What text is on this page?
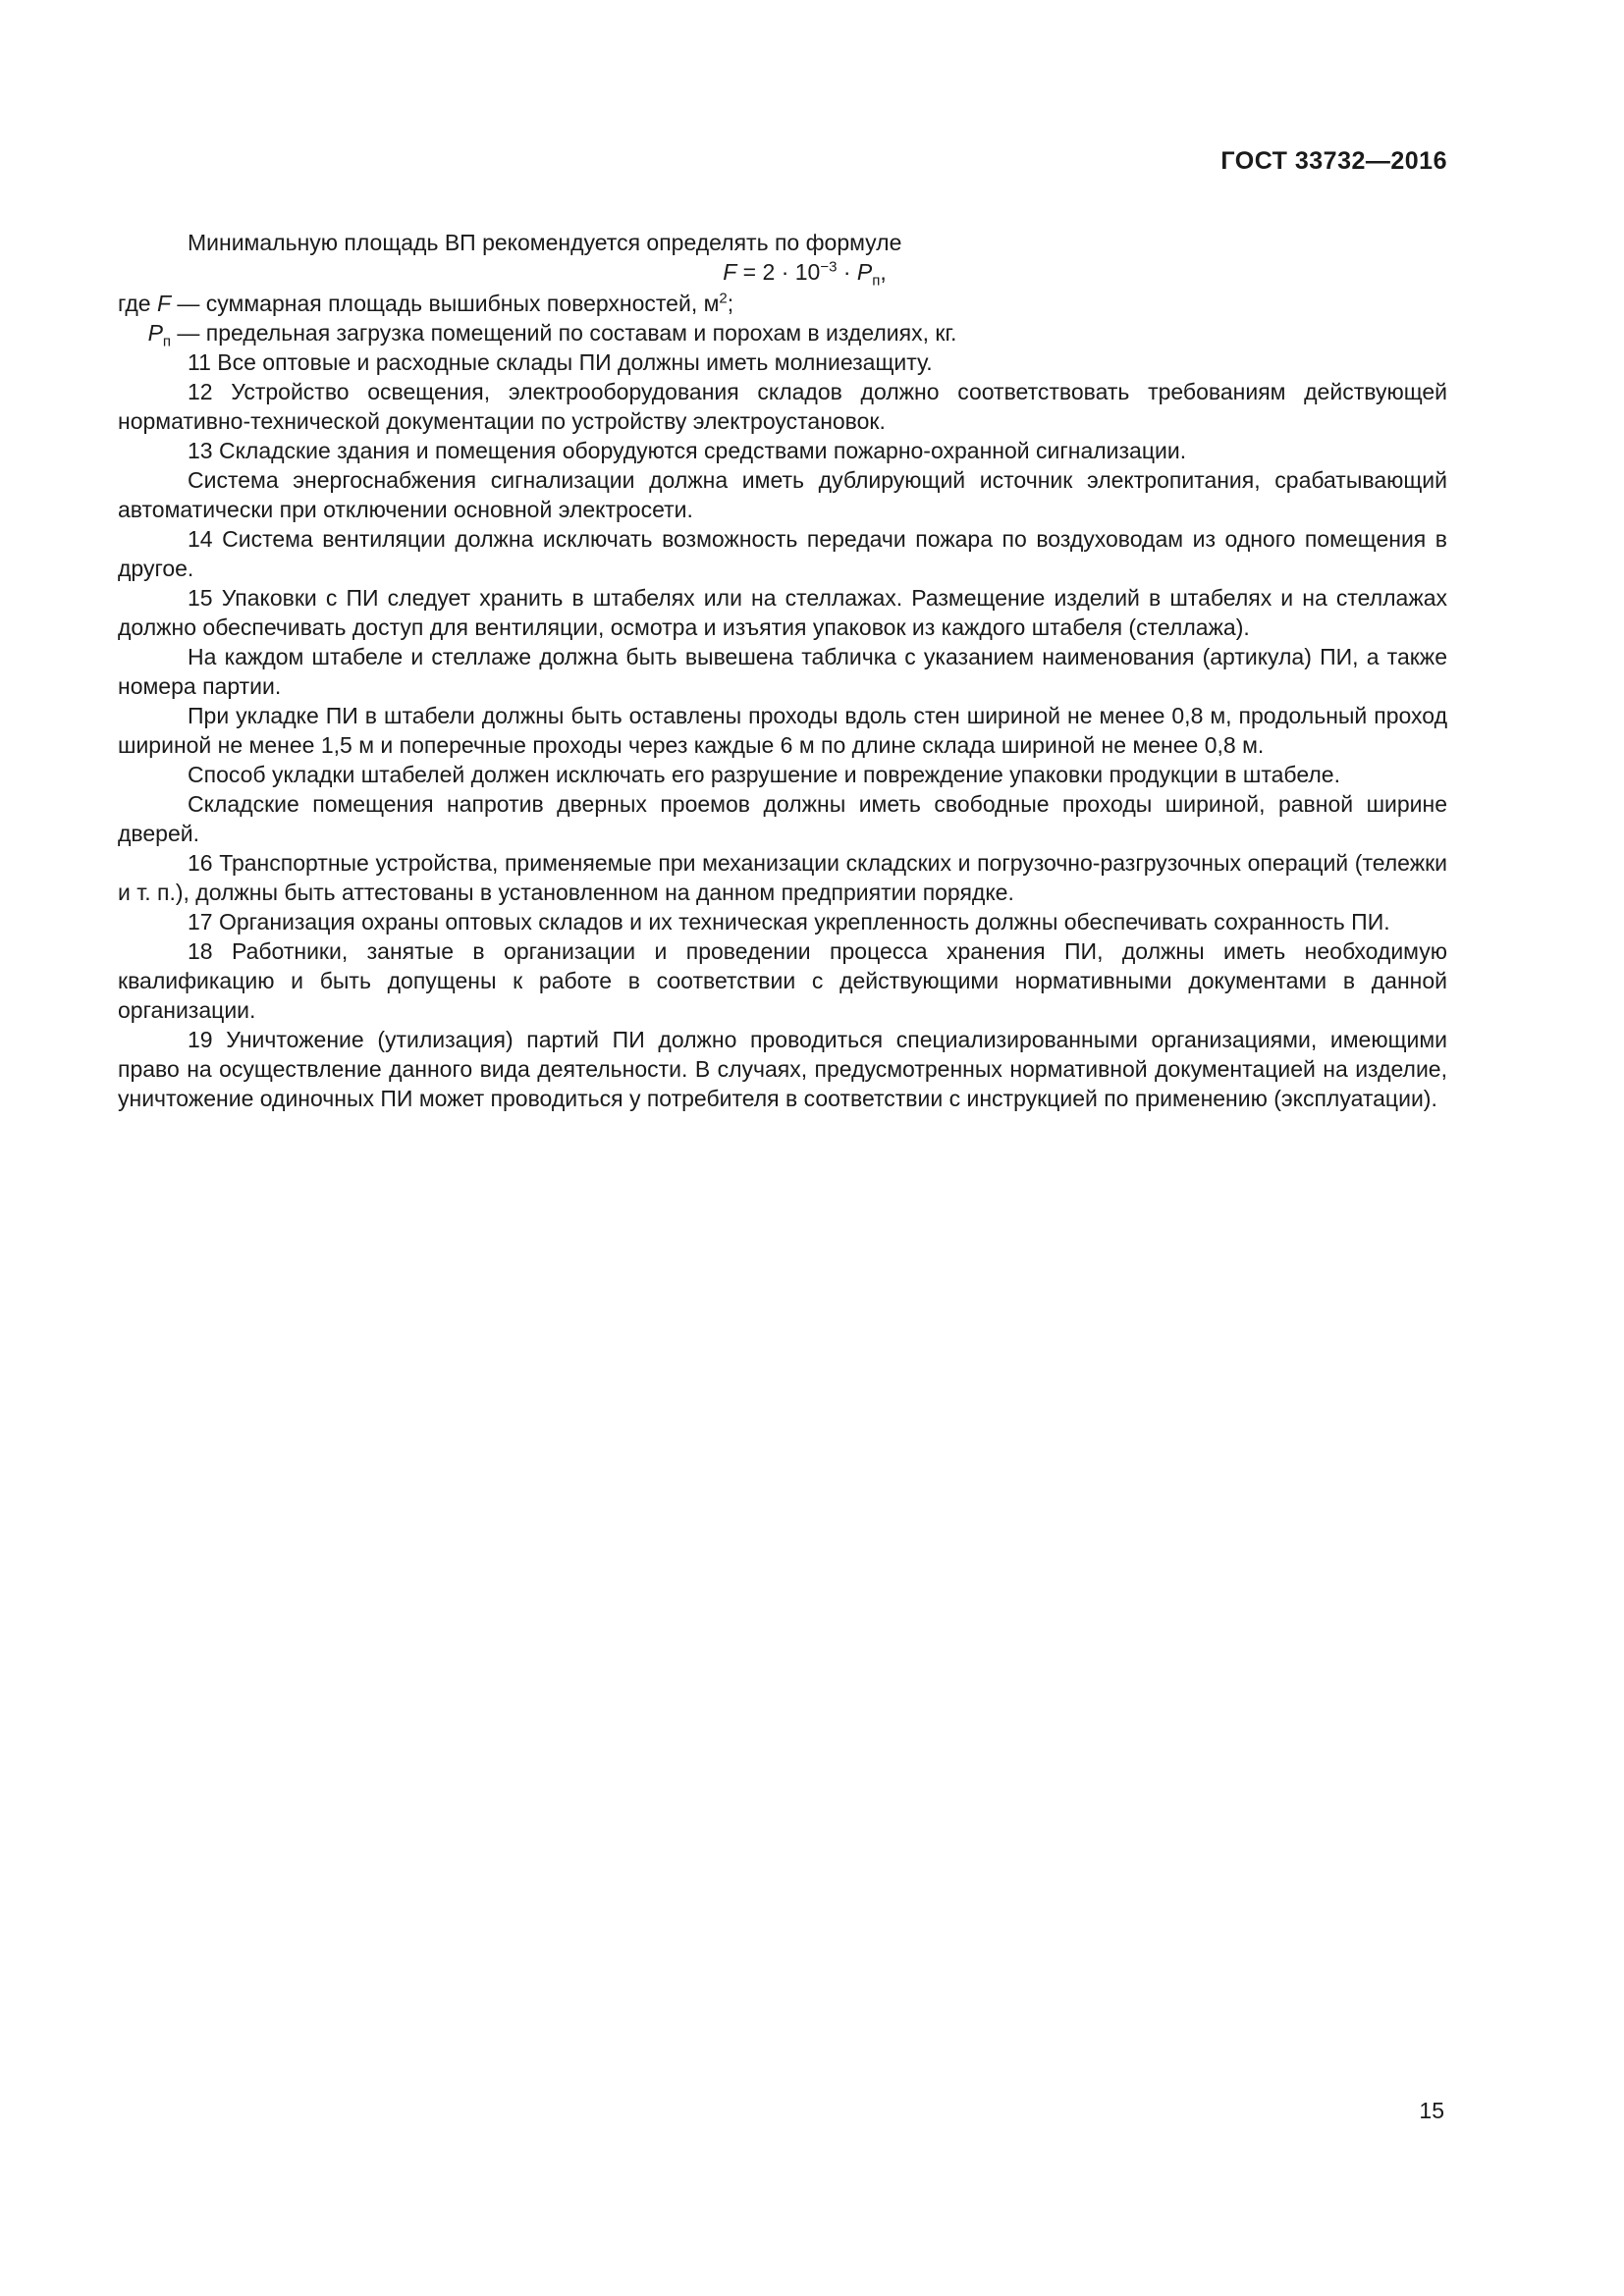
ГОСТ 33732—2016

Минимальную площадь ВП рекомендуется определять по формуле

$F = 2 \cdot 10^{-3} \cdot P_п$,

где F — суммарная площадь вышибных поверхностей, $м^2$;

$P_п$ — предельная загрузка помещений по составам и порохам в изделиях, кг.

11 Все оптовые и расходные склады ПИ должны иметь молниезащиту.

12 Устройство освещения, электрооборудования складов должно соответствовать требованиям действующей нормативно-технической документации по устройству электроустановок.

13 Складские здания и помещения оборудуются средствами пожарно-охранной сигнализации.

Система энергоснабжения сигнализации должна иметь дублирующий источник электропитания, срабатывающий автоматически при отключении основной электросети.

14 Система вентиляции должна исключать возможность передачи пожара по воздуховодам из одного помещения в другое.

15 Упаковки с ПИ следует хранить в штабелях или на стеллажах. Размещение изделий в штабелях и на стеллажах должно обеспечивать доступ для вентиляции, осмотра и изъятия упаковок из каждого штабеля (стеллажа).

На каждом штабеле и стеллаже должна быть вывешена табличка с указанием наименования (артикула) ПИ, а также номера партии.

При укладке ПИ в штабели должны быть оставлены проходы вдоль стен шириной не менее 0,8 м, продольный проход шириной не менее 1,5 м и поперечные проходы через каждые 6 м по длине склада шириной не менее 0,8 м.

Способ укладки штабелей должен исключать его разрушение и повреждение упаковки продукции в штабеле.

Складские помещения напротив дверных проемов должны иметь свободные проходы шириной, равной ширине дверей.

16 Транспортные устройства, применяемые при механизации складских и погрузочно-разгрузочных операций (тележки и т. п.), должны быть аттестованы в установленном на данном предприятии порядке.

17 Организация охраны оптовых складов и их техническая укрепленность должны обеспечивать сохранность ПИ.

18 Работники, занятые в организации и проведении процесса хранения ПИ, должны иметь необходимую квалификацию и быть допущены к работе в соответствии с действующими нормативными документами в данной организации.

19 Уничтожение (утилизация) партий ПИ должно проводиться специализированными организациями, имеющими право на осуществление данного вида деятельности. В случаях, предусмотренных нормативной документацией на изделие, уничтожение одиночных ПИ может проводиться у потребителя в соответствии с инструкцией по применению (эксплуатации).

15
